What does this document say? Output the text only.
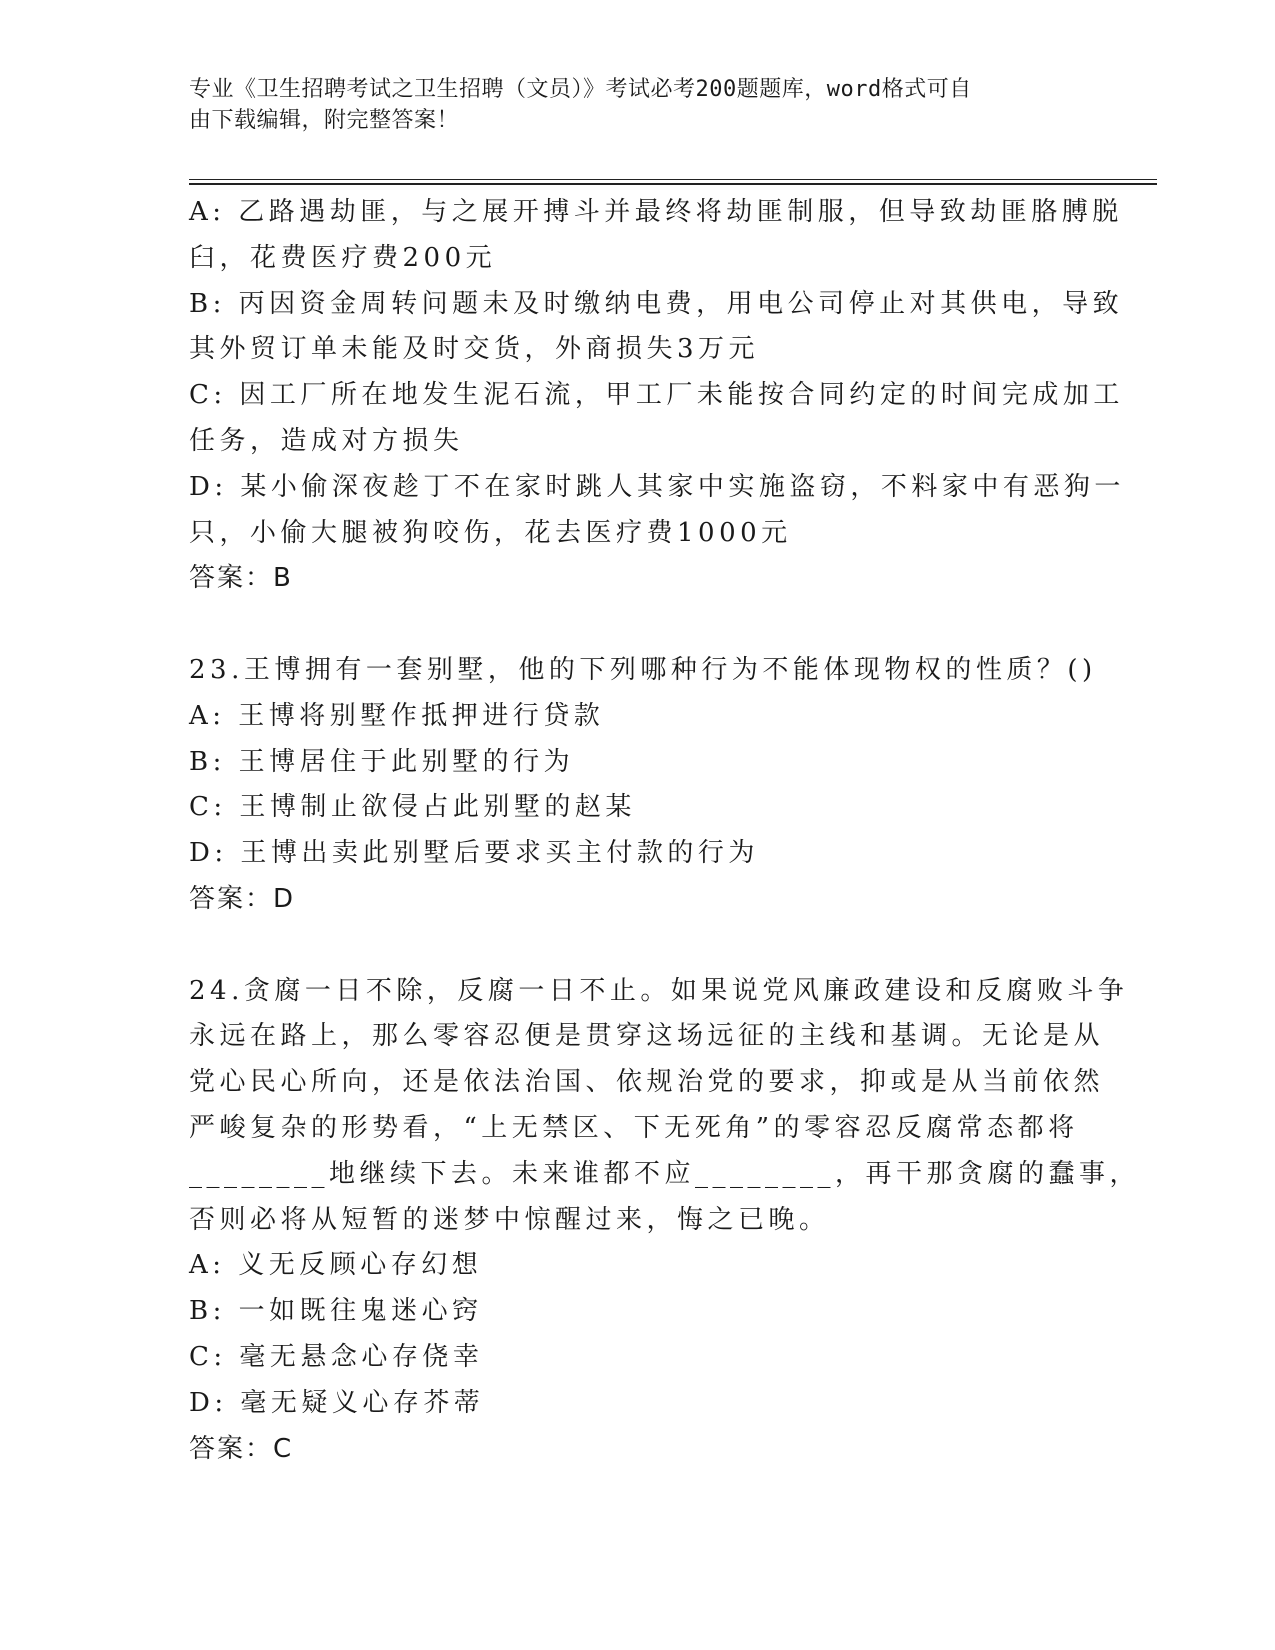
专业《卫生招聘考试之卫生招聘（文员）》考试必考200题题库，word格式可自
由下载编辑，附完整答案！
A: 乙路遇劫匪，与之展开搏斗并最终将劫匪制服，但导致劫匪胳膊脱
臼，花费医疗费200元
B: 丙因资金周转问题未及时缴纳电费，用电公司停止对其供电，导致
其外贸订单未能及时交货，外商损失3万元
C: 因工厂所在地发生泥石流，甲工厂未能按合同约定的时间完成加工
任务，造成对方损失
D: 某小偷深夜趁丁不在家时跳人其家中实施盗窃，不料家中有恶狗一
只，小偷大腿被狗咬伤，花去医疗费1000元
答案：B
23.王博拥有一套别墅，他的下列哪种行为不能体现物权的性质？()
A: 王博将别墅作抵押进行贷款
B: 王博居住于此别墅的行为
C: 王博制止欲侵占此别墅的赵某
D: 王博出卖此别墅后要求买主付款的行为
答案：D
24.贪腐一日不除，反腐一日不止。如果说党风廉政建设和反腐败斗争
永远在路上，那么零容忍便是贯穿这场远征的主线和基调。无论是从
党心民心所向，还是依法治国、依规治党的要求，抑或是从当前依然
严峻复杂的形势看，“上无禁区、下无死角”的零容忍反腐常态都将
________地继续下去。未来谁都不应________，再干那贪腐的蠢事，
否则必将从短暂的迷梦中惊醒过来，悔之已晚。
A: 义无反顾心存幻想
B: 一如既往鬼迷心窍
C: 毫无悬念心存侥幸
D: 毫无疑义心存芥蒂
答案：C
